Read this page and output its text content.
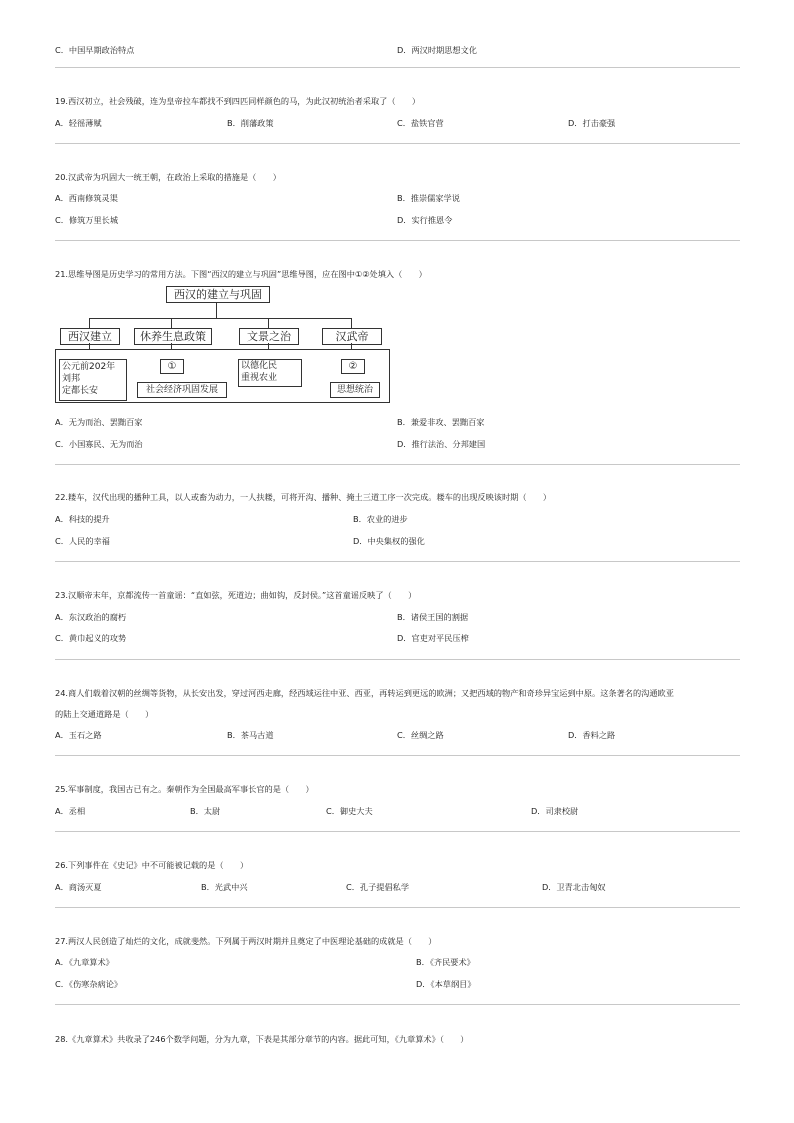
C．中国早期政治特点	D．两汉时期思想文化
19.西汉初立，社会残破，连为皇帝拉车都找不到四匹同样颜色的马，为此汉初统治者采取了（　　）
A．轻徭薄赋	B．削藩政策	C．盐铁官营	D．打击豪强
20.汉武帝为巩固大一统王朝，在政治上采取的措施是（　　）
A．西南修筑灵渠	B．推崇儒家学说
C．修筑万里长城	D．实行推恩令
21.思维导图是历史学习的常用方法。下图“西汉的建立与巩固”思维导图，应在图中①②处填入（　　）
西汉的建立与巩固
西汉建立	休养生息政策	文景之治	汉武帝
公元前202年
刘邦
定都长安
①
社会经济巩固发展
以德化民
重视农业
②
思想统治
A．无为而治、罢黜百家	B．兼爱非攻、罢黜百家
C．小国寡民、无为而治	D．推行法治、分邦建国
22.耧车，汉代出现的播种工具，以人或畜为动力，一人扶耧，可将开沟、播种、掩土三道工序一次完成。耧车的出现反映该时期（　　）
A．科技的提升	B．农业的进步
C．人民的幸福	D．中央集权的强化
23.汉顺帝末年，京都流传一首童谣：“直如弦，死道边；曲如钩，反封侯。”这首童谣反映了（　　）
A．东汉政治的腐朽	B．诸侯王国的割据
C．黄巾起义的攻势	D．官吏对平民压榨
24.商人们载着汉朝的丝绸等货物，从长安出发，穿过河西走廊，经西域运往中亚、西亚，再转运到更远的欧洲；又把西域的物产和奇珍异宝运到中原。这条著名的沟通欧亚
的陆上交通道路是（　　）
A．玉石之路	B．茶马古道	C．丝绸之路	D．香料之路
25.军事制度，我国古已有之。秦朝作为全国最高军事长官的是（　　）
A．丞相	B．太尉	C．御史大夫	D．司隶校尉
26.下列事件在《史记》中不可能被记载的是（　　）
A．商汤灭夏	B．光武中兴	C．孔子提倡私学	D．卫青北击匈奴
27.两汉人民创造了灿烂的文化，成就斐然。下列属于两汉时期并且奠定了中医理论基础的成就是（　　）
A．《九章算术》	B．《齐民要术》
C．《伤寒杂病论》	D．《本草纲目》
28.《九章算术》共收录了246个数学问题，分为九章，下表是其部分章节的内容。据此可知，《九章算术》（　　）
